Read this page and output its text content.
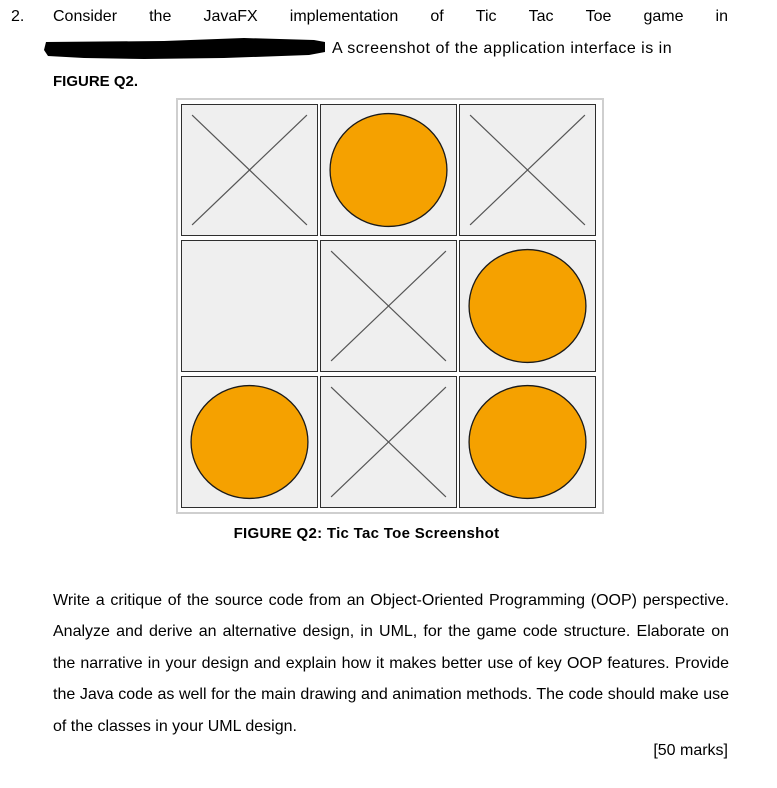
2. Consider the JavaFX implementation of Tic Tac Toe game in
A screenshot of the application interface is in
FIGURE Q2.
FIGURE Q2: Tic Tac Toe Screenshot
Write a critique of the source code from an Object-Oriented Programming (OOP) perspective. Analyze and derive an alternative design, in UML, for the game code structure. Elaborate on the narrative in your design and explain how it makes better use of key OOP features. Provide the Java code as well for the main drawing and animation methods. The code should make use of the classes in your UML design.
[50 marks]
